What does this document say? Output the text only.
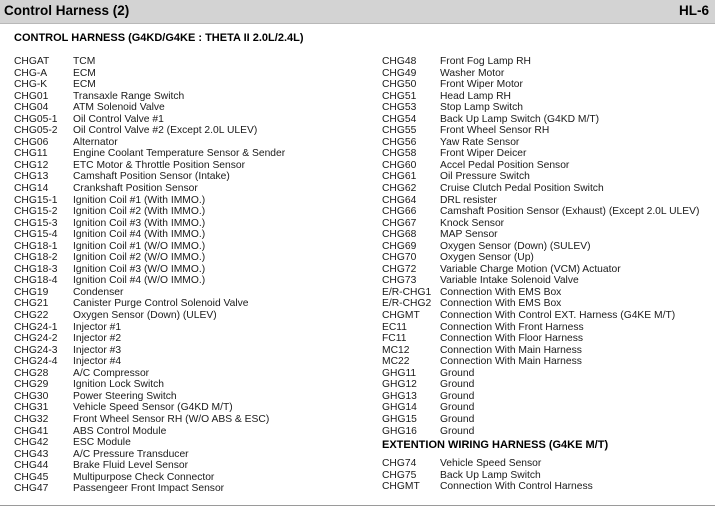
Control Harness (2)	HL-6
CONTROL HARNESS (G4KD/G4KE : THETA II 2.0L/2.4L)
CHGAT TCM
CHG-A	ECM
CHG-K	ECM
CHG01 Transaxle Range Switch
CHG04 ATM Solenoid Valve
CHG05-1 Oil Control Valve #1
CHG05-2 Oil Control Valve #2 (Except 2.0L ULEV)
CHG06 Alternator
CHG11 Engine Coolant Temperature Sensor & Sender
CHG12 ETC Motor & Throttle Position Sensor
CHG13 Camshaft Position Sensor (Intake)
CHG14 Crankshaft Position Sensor
CHG15-1 Ignition Coil #1 (With IMMO.)
CHG15-2 Ignition Coil #2 (With IMMO.)
CHG15-3 Ignition Coil #3 (With IMMO.)
CHG15-4 Ignition Coil #4 (With IMMO.)
CHG18-1 Ignition Coil #1 (W/O IMMO.)
CHG18-2 Ignition Coil #2 (W/O IMMO.)
CHG18-3 Ignition Coil #3 (W/O IMMO.)
CHG18-4 Ignition Coil #4 (W/O IMMO.)
CHG19 Condenser
CHG21 Canister Purge Control Solenoid Valve
CHG22 Oxygen Sensor (Down) (ULEV)
CHG24-1 Injector #1
CHG24-2 Injector #2
CHG24-3 Injector #3
CHG24-4 Injector #4
CHG28 A/C Compressor
CHG29 Ignition Lock Switch
CHG30 Power Steering Switch
CHG31 Vehicle Speed Sensor (G4KD M/T)
CHG32 Front Wheel Sensor RH (W/O ABS & ESC)
CHG41 ABS Control Module
CHG42 ESC Module
CHG43 A/C Pressure Transducer
CHG44 Brake Fluid Level Sensor
CHG45 Multipurpose Check Connector
CHG47 Passengeer Front Impact Sensor
CHG48 Front Fog Lamp RH
CHG49 Washer Motor
CHG50 Front Wiper Motor
CHG51 Head Lamp RH
CHG53 Stop Lamp Switch
CHG54 Back Up Lamp Switch (G4KD M/T)
CHG55 Front Wheel Sensor RH
CHG56 Yaw Rate Sensor
CHG58 Front Wiper Deicer
CHG60 Accel Pedal Position Sensor
CHG61 Oil Pressure Switch
CHG62 Cruise Clutch Pedal Position Switch
CHG64 DRL resister
CHG66 Camshaft Position Sensor (Exhaust) (Except 2.0L ULEV)
CHG67 Knock Sensor
CHG68 MAP Sensor
CHG69 Oxygen Sensor (Down) (SULEV)
CHG70 Oxygen Sensor (Up)
CHG72 Variable Charge Motion (VCM) Actuator
CHG73 Variable Intake Solenoid Valve
E/R-CHG1 Connection With EMS Box
E/R-CHG2 Connection With EMS Box
CHGMT Connection With Control EXT. Harness (G4KE M/T)
EC11	Connection With Front Harness
FC11	Connection With Floor Harness
MC12	Connection With Main Harness
MC22	Connection With Main Harness
GHG11 Ground
GHG12 Ground
GHG13 Ground
GHG14 Ground
GHG15 Ground
GHG16 Ground
EXTENTION WIRING HARNESS (G4KE M/T)
CHG74 Vehicle Speed Sensor
CHG75 Back Up Lamp Switch
CHGMT Connection With Control Harness
